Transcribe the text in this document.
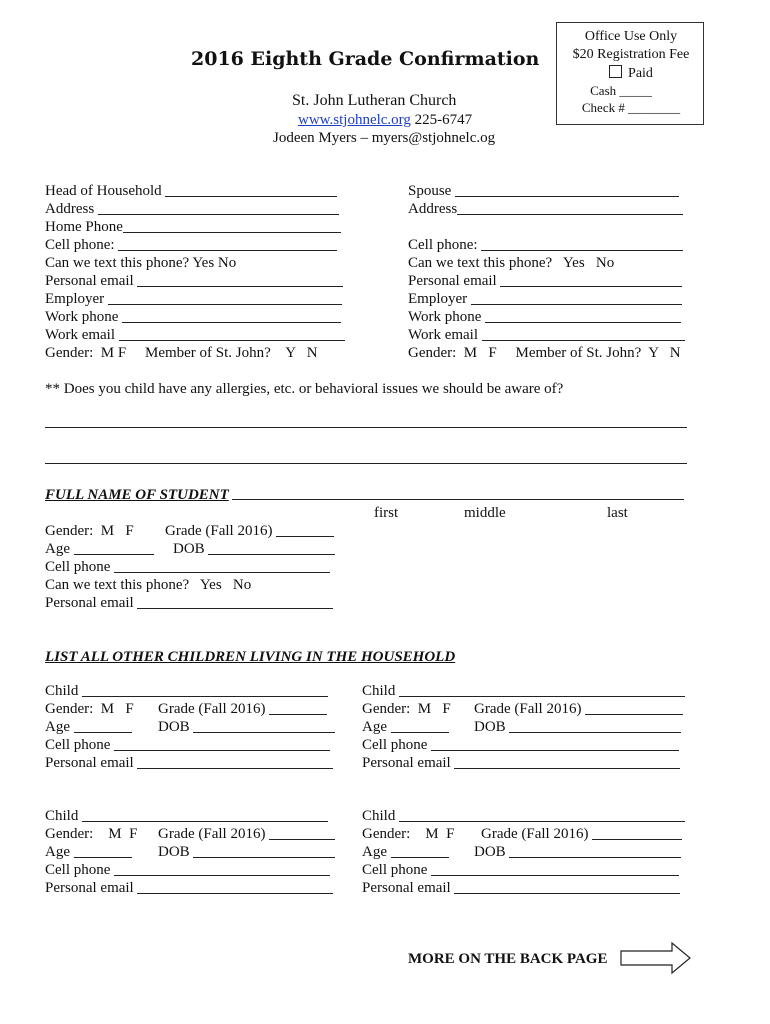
2016 Eighth Grade Confirmation
St. John Lutheran Church
www.stjohnelc.org 225-6747
Jodeen Myers – myers@stjohnelc.og
Office Use Only
$20 Registration Fee
Paid
Cash _____
Check # ________
Head of Household
Address
Home Phone
Cell phone:
Can we text this phone? Yes No
Personal email
Employer
Work phone
Work email
Gender:  M F     Member of St. John?    Y   N
Spouse
Address
Cell phone:
Can we text this phone?   Yes   No
Personal email
Employer
Work phone
Work email
Gender:  M   F     Member of St. John?  Y   N
** Does you child have any allergies, etc. or behavioral issues we should be aware of?
FULL NAME OF STUDENT
first	middle	last
Gender:  M   F Grade (Fall 2016)
Age	DOB
Cell phone
Can we text this phone?   Yes   No
Personal email
LIST ALL OTHER CHILDREN LIVING IN THE HOUSEHOLD
Child
Gender:  M   F Grade (Fall 2016)
Age	DOB
Cell phone
Personal email
Child
Gender:  M   F Grade (Fall 2016)
Age	DOB
Cell phone
Personal email
Child
Gender:    M  F Grade (Fall 2016)
Age	DOB
Cell phone
Personal email
Child
Gender:    M  F Grade (Fall 2016)
Age	DOB
Cell phone
Personal email
MORE ON THE BACK PAGE
